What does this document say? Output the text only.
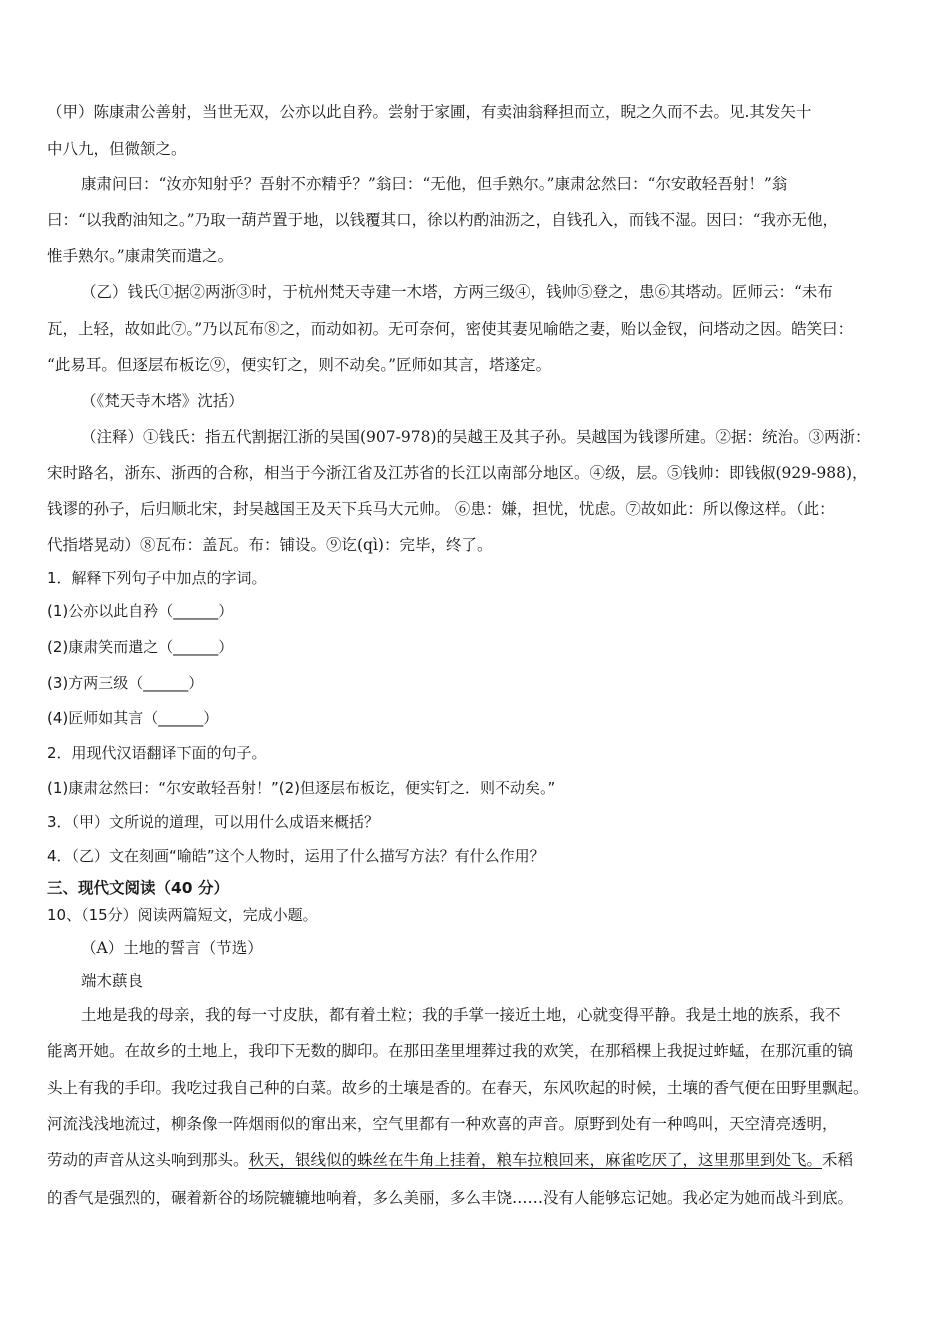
（甲）陈康肃公善射，当世无双，公亦以此自矜。尝射于家圃，有卖油翁释担而立，睨之久而不去。见.其发矢十
中八九，但微颔之。
康肃问曰：“汝亦知射乎？吾射不亦精乎？”翁曰：“无他，但手熟尔。”康肃忿然曰：“尔安敢轻吾射！”翁
曰：“以我酌油知之。”乃取一葫芦置于地，以钱覆其口，徐以杓酌油沥之，自钱孔入，而钱不湿。因曰：“我亦无他，
惟手熟尔。”康肃笑而遣之。
（乙）钱氏①据②两浙③时，于杭州梵天寺建一木塔，方两三级④，钱帅⑤登之，患⑥其塔动。匠师云：“未布
瓦，上轻，故如此⑦。”乃以瓦布⑧之，而动如初。无可奈何，密使其妻见喻皓之妻，贻以金钗，问塔动之因。皓笑曰：
“此易耳。但逐层布板讫⑨，便实钉之，则不动矣。”匠师如其言，塔遂定。
（《梵天寺木塔》沈括）
（注释）①钱氏：指五代割据江浙的吴国(907-978)的吴越王及其子孙。吴越国为钱谬所建。②据：统治。③两浙：
宋时路名，浙东、浙西的合称，相当于今浙江省及江苏省的长江以南部分地区。④级，层。⑤钱帅：即钱俶(929-988)，
钱谬的孙子，后归顺北宋，封吴越国王及天下兵马大元帅。 ⑥患：嫌，担忧，忧虑。⑦故如此：所以像这样。（此：
代指塔晃动）⑧瓦布：盖瓦。布：铺设。⑨讫(qì)：完毕，终了。
1．解释下列句子中加点的字词。
(1)公亦以此自矜（______）
(2)康肃笑而遣之（______）
(3)方两三级（______）
(4)匠师如其言（______）
2．用现代汉语翻译下面的句子。
(1)康肃忿然曰：“尔安敢轻吾射！”(2)但逐层布板讫，便实钉之．则不动矣。”
3．（甲）文所说的道理，可以用什么成语来概括？
4．（乙）文在刻画“喻皓”这个人物时，运用了什么描写方法？有什么作用？
三、现代文阅读（40 分）
10、（15分）阅读两篇短文，完成小题。
（A）土地的誓言（节选）
端木蕻良
土地是我的母亲，我的每一寸皮肤，都有着土粒；我的手掌一接近土地，心就变得平静。我是土地的族系，我不
能离开她。在故乡的土地上，我印下无数的脚印。在那田垄里埋葬过我的欢笑，在那稻棵上我捉过蚱蜢，在那沉重的镐
头上有我的手印。我吃过我自己种的白菜。故乡的土壤是香的。在春天，东风吹起的时候，土壤的香气便在田野里飘起。
河流浅浅地流过，柳条像一阵烟雨似的窜出来，空气里都有一种欢喜的声音。原野到处有一种鸣叫，天空清亮透明，
劳动的声音从这头响到那头。秋天，银线似的蛛丝在牛角上挂着，粮车拉粮回来，麻雀吃厌了，这里那里到处飞。禾稻
的香气是强烈的，碾着新谷的场院辘辘地响着，多么美丽，多么丰饶……没有人能够忘记她。我必定为她而战斗到底。
